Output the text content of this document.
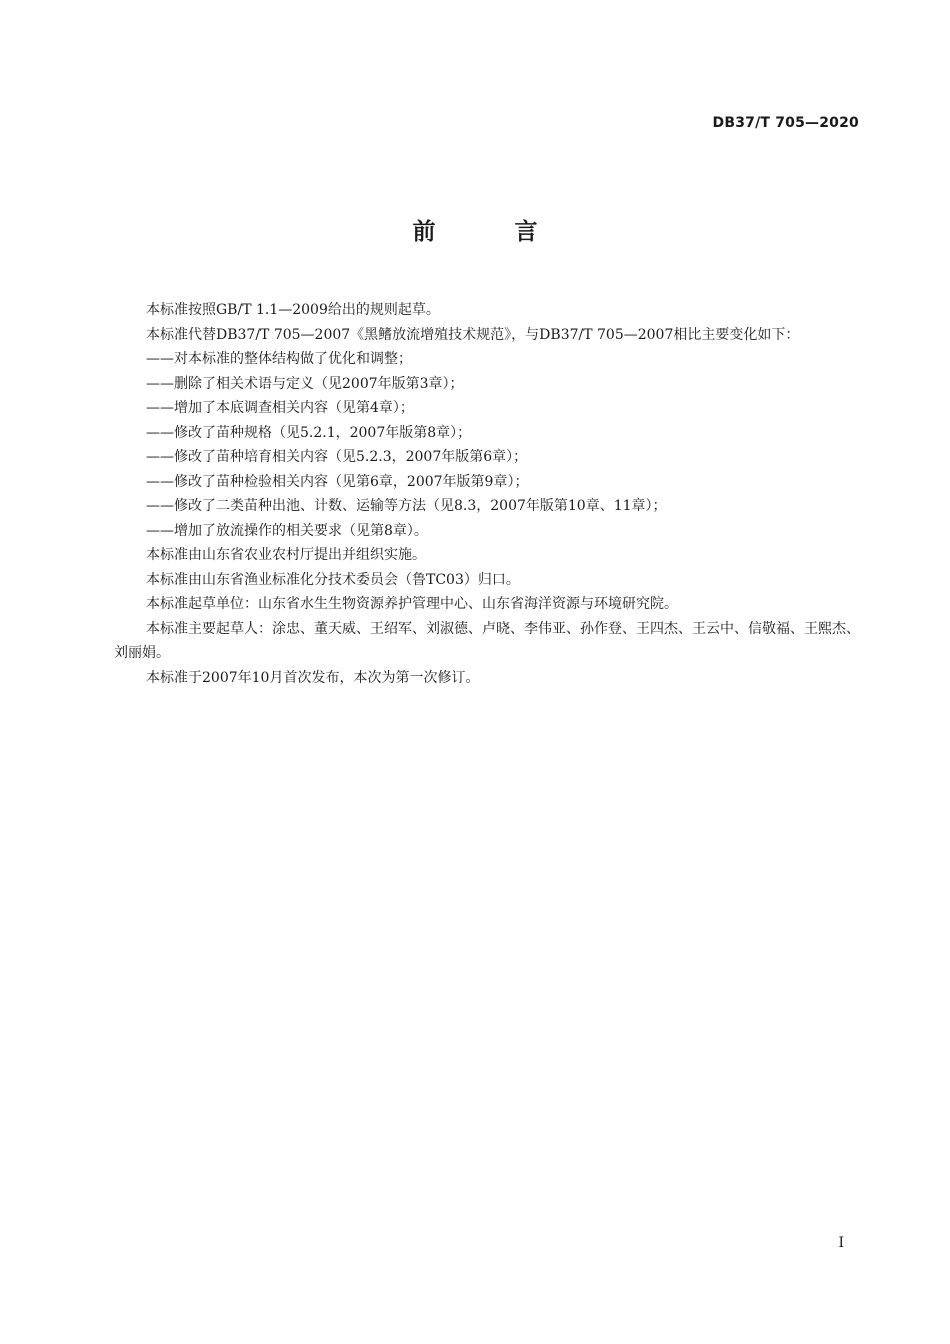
DB37/T 705—2020
前　言

本标准按照GB/T 1.1—2009给出的规则起草。

本标准代替DB37/T 705—2007《黑鳍放流增殖技术规范》，与DB37/T 705—2007相比主要变化如下：

——对本标准的整体结构做了优化和调整；

——删除了相关术语与定义（见2007年版第3章）；

——增加了本底调查相关内容（见第4章）；

——修改了苗种规格（见5.2.1，2007年版第8章）；

——修改了苗种培育相关内容（见5.2.3，2007年版第6章）；

——修改了苗种检验相关内容（见第6章，2007年版第9章）；

——修改了二类苗种出池、计数、运输等方法（见8.3，2007年版第10章、11章）；

——增加了放流操作的相关要求（见第8章）。

本标准由山东省农业农村厅提出并组织实施。

本标准由山东省渔业标准化分技术委员会（鲁TC03）归口。

本标准起草单位：山东省水生生物资源养护管理中心、山东省海洋资源与环境研究院。

本标准主要起草人：涂忠、董天威、王绍军、刘淑德、卢晓、李伟亚、孙作登、王四杰、王云中、信敬福、王熙杰、刘丽娟。

本标准于2007年10月首次发布，本次为第一次修订。

I
